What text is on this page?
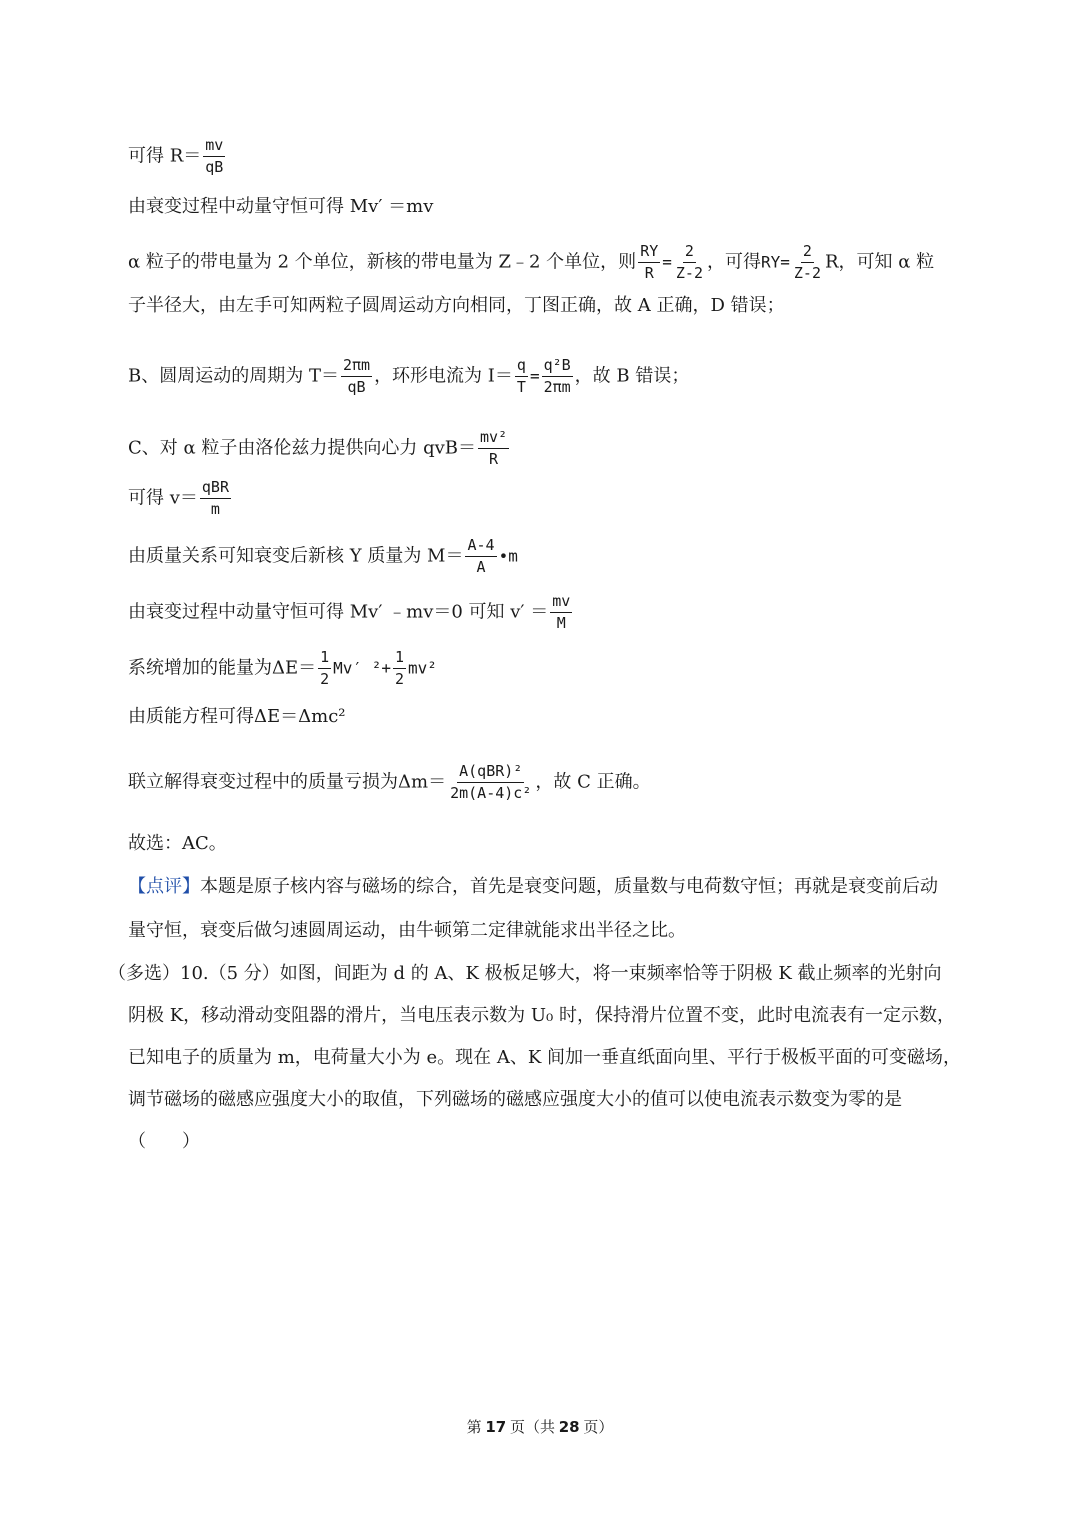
可得 $R= \frac{mv}{qB}$
由衰变过程中动量守恒可得 Mv′ ＝mv
α 粒子的带电量为 2 个单位，新核的带电量为 Z﹣2 个单位，则 $\frac{RY}{R} = \frac{2}{Z-2}$ ，可得$RY= \frac{2}{Z-2}$ R，可知 α 粒
子半径大，由左手可知两粒子圆周运动方向相同，丁图正确，故 A 正确，D 错误；
B、圆周运动的周期为 $T= \frac{2\pi m}{qB}$ ，环形电流为 $I= \frac{q}{T} = \frac{\text{q²B}}{2\pi m}$ ，故 B 错误；
C、对 α 粒子由洛伦兹力提供向心力 $qvB= \frac{\text{mv²}}{R}$
可得 $v= \frac{\text{qBR}}{m}$
由质量关系可知衰变后新核 Y 质量为 $M= \frac{A-4}{A}$ •m
由衰变过程中动量守恒可得 Mv′ ﹣mv＝0 可知 $v' = \frac{mv}{M}$
系统增加的能量为$\Delta E= \frac{1}{2} Mv'$ $^2+ \frac{1}{2} mv^2$
由质能方程可得ΔE＝Δmc²
联立解得衰变过程中的质量亏损为$\Delta m= \frac{\text{A(qBR)²}}{\text{2m(A-4)c²}}$ ，故 C 正确。
故选：AC。
【点评】本题是原子核内容与磁场的综合，首先是衰变问题，质量数与电荷数守恒；再就是衰变前后动
量守恒，衰变后做匀速圆周运动，由牛顿第二定律就能求出半径之比。
（多选）10.（5 分）如图，间距为 d 的 A、K 极板足够大，将一束频率恰等于阴极 K 截止频率的光射向
阴极 K，移动滑动变阻器的滑片，当电压表示数为 U₀ 时，保持滑片位置不变，此时电流表有一定示数，
已知电子的质量为 m，电荷量大小为 e。现在 A、K 间加一垂直纸面向里、平行于极板平面的可变磁场，
调节磁场的磁感应强度大小的取值，下列磁场的磁感应强度大小的值可以使电流表示数变为零的是
（　　）
第 17 页（共 28 页）
